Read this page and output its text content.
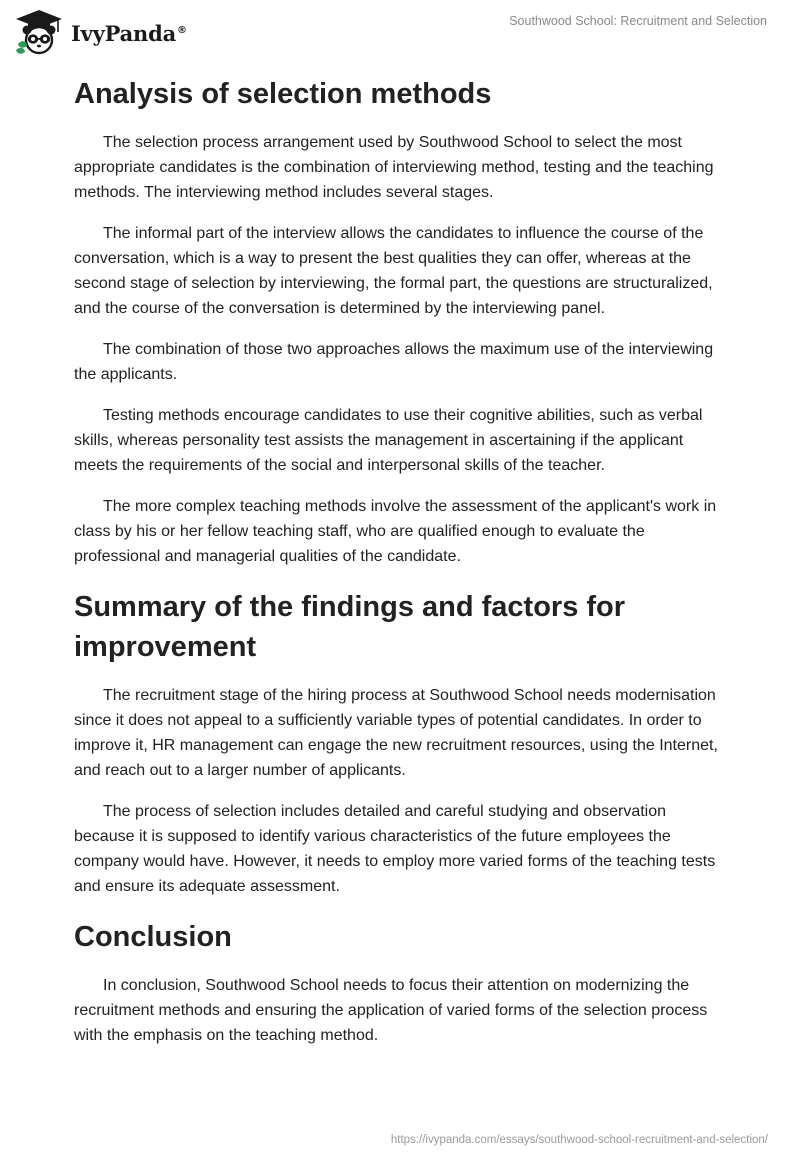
IvyPanda®
Southwood School: Recruitment and Selection
Analysis of selection methods

The selection process arrangement used by Southwood School to select the most appropriate candidates is the combination of interviewing method, testing and the teaching methods. The interviewing method includes several stages.

The informal part of the interview allows the candidates to influence the course of the conversation, which is a way to present the best qualities they can offer, whereas at the second stage of selection by interviewing, the formal part, the questions are structuralized, and the course of the conversation is determined by the interviewing panel.

The combination of those two approaches allows the maximum use of the interviewing the applicants.

Testing methods encourage candidates to use their cognitive abilities, such as verbal skills, whereas personality test assists the management in ascertaining if the applicant meets the requirements of the social and interpersonal skills of the teacher.

The more complex teaching methods involve the assessment of the applicant's work in class by his or her fellow teaching staff, who are qualified enough to evaluate the professional and managerial qualities of the candidate.

Summary of the findings and factors for improvement

The recruitment stage of the hiring process at Southwood School needs modernisation since it does not appeal to a sufficiently variable types of potential candidates. In order to improve it, HR management can engage the new recruitment resources, using the Internet, and reach out to a larger number of applicants.

The process of selection includes detailed and careful studying and observation because it is supposed to identify various characteristics of the future employees the company would have. However, it needs to employ more varied forms of the teaching tests and ensure its adequate assessment.

Conclusion

In conclusion, Southwood School needs to focus their attention on modernizing the recruitment methods and ensuring the application of varied forms of the selection process with the emphasis on the teaching method.

https://ivypanda.com/essays/southwood-school-recruitment-and-selection/
